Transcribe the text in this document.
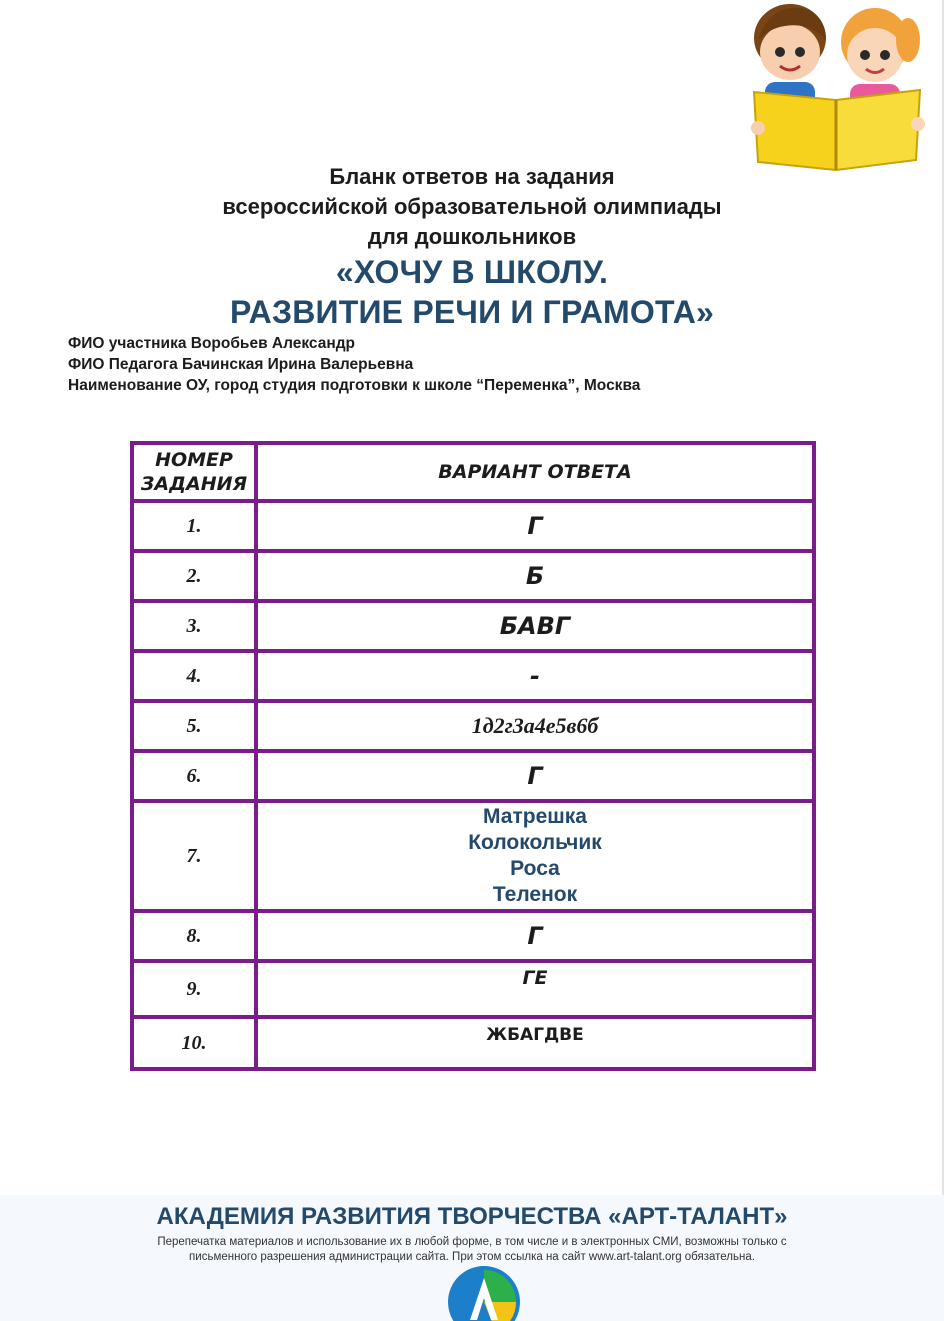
Бланк ответов на задания
всероссийской образовательной олимпиады
для дошкольников
«ХОЧУ В ШКОЛУ.
РАЗВИТИЕ РЕЧИ И ГРАМОТА»
ФИО участника Воробьев Александр
ФИО Педагога Бачинская Ирина Валерьевна
Наименование ОУ, город студия подготовки к школе “Переменка”, Москва
НОМЕР
ЗАДАНИЯ	ВАРИАНТ ОТВЕТА
1.	Г
2.	Б
3.	БАВГ
4.	-
5.	1д2г3а4е5в6б
6.	Г
7.	Матрешка
Колокольчик
Роса
Теленок

8.	Г
9.	ГЕ
10.	ЖБАГДВЕ
АКАДЕМИЯ РАЗВИТИЯ ТВОРЧЕСТВА «АРТ-ТАЛАНТ»
Перепечатка материалов и использование их в любой форме, в том числе и в электронных СМИ, возможны только с
письменного разрешения администрации сайта. При этом ссылка на сайт www.art-talant.org обязательна.
